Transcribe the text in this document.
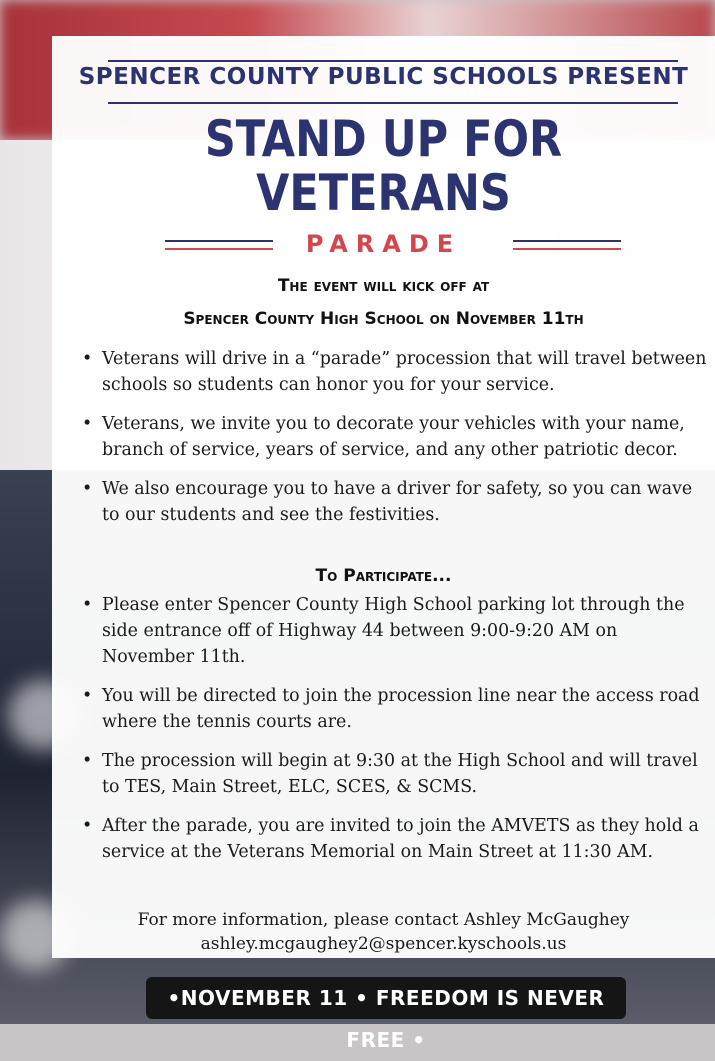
SPENCER COUNTY PUBLIC SCHOOLS PRESENT
STAND UP FOR
VETERANS
PARADE
The event will kick off at
Spencer County High School on November 11th
• Veterans will drive in a “parade” procession that will travel between schools so students can honor you for your service.
• Veterans, we invite you to decorate your vehicles with your name, branch of service, years of service, and any other patriotic decor.
• We also encourage you to have a driver for safety, so you can wave to our students and see the festivities.
To Participate...
• Please enter Spencer County High School parking lot through the side entrance off of Highway 44 between 9:00-9:20 AM on November 11th.
• You will be directed to join the procession line near the access road where the tennis courts are.
• The procession will begin at 9:30 at the High School and will travel to TES, Main Street, ELC, SCES, & SCMS.
• After the parade, you are invited to join the AMVETS as they hold a service at the Veterans Memorial on Main Street at 11:30 AM.
For more information, please contact Ashley McGaughey
ashley.mcgaughey2@spencer.kyschools.us
•NOVEMBER 11 • FREEDOM IS NEVER FREE •
